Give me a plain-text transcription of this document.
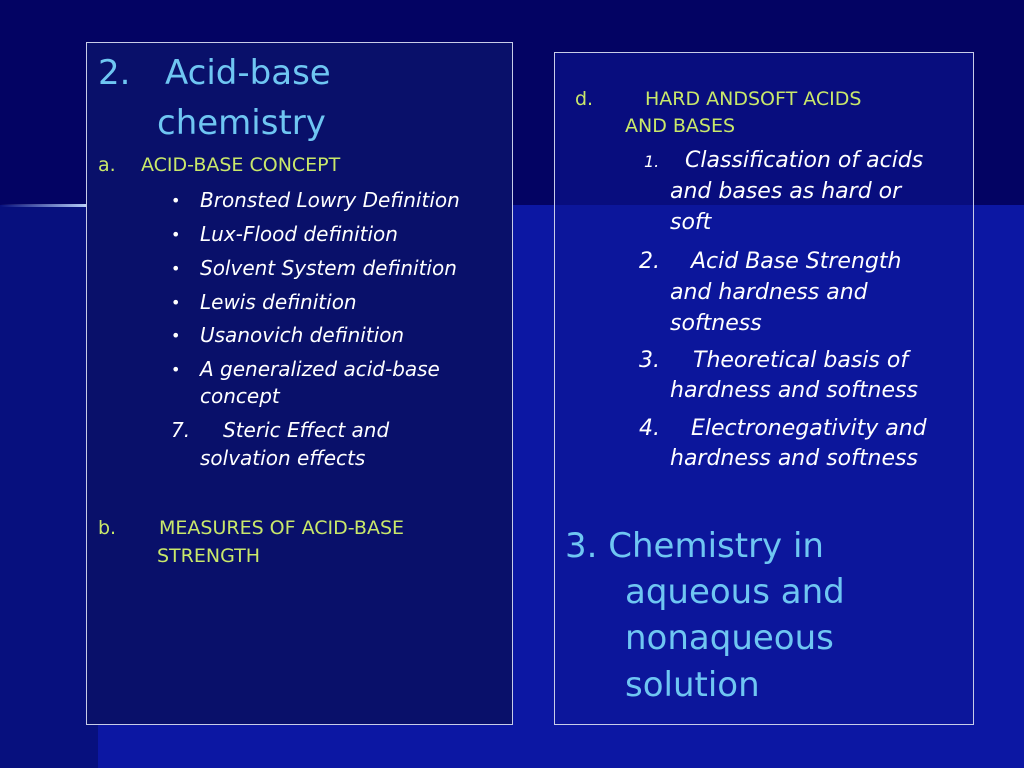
2. Acid-base
chemistry
a. ACID-BASE CONCEPT
• Bronsted Lowry Definition
• Lux-Flood definition
• Solvent System definition
• Lewis definition
• Usanovich definition
• A generalized acid-base
concept
7. Steric Effect and
solvation effects
b. MEASURES OF ACID-BASE
STRENGTH
d.	HARD ANDSOFT ACIDS
AND BASES
1. Classification of acids
and bases as hard or
soft
2. Acid Base Strength
and hardness and
softness
3. Theoretical basis of
hardness and softness
4. Electronegativity and
hardness and softness
3. Chemistry in
aqueous and
nonaqueous
solution
